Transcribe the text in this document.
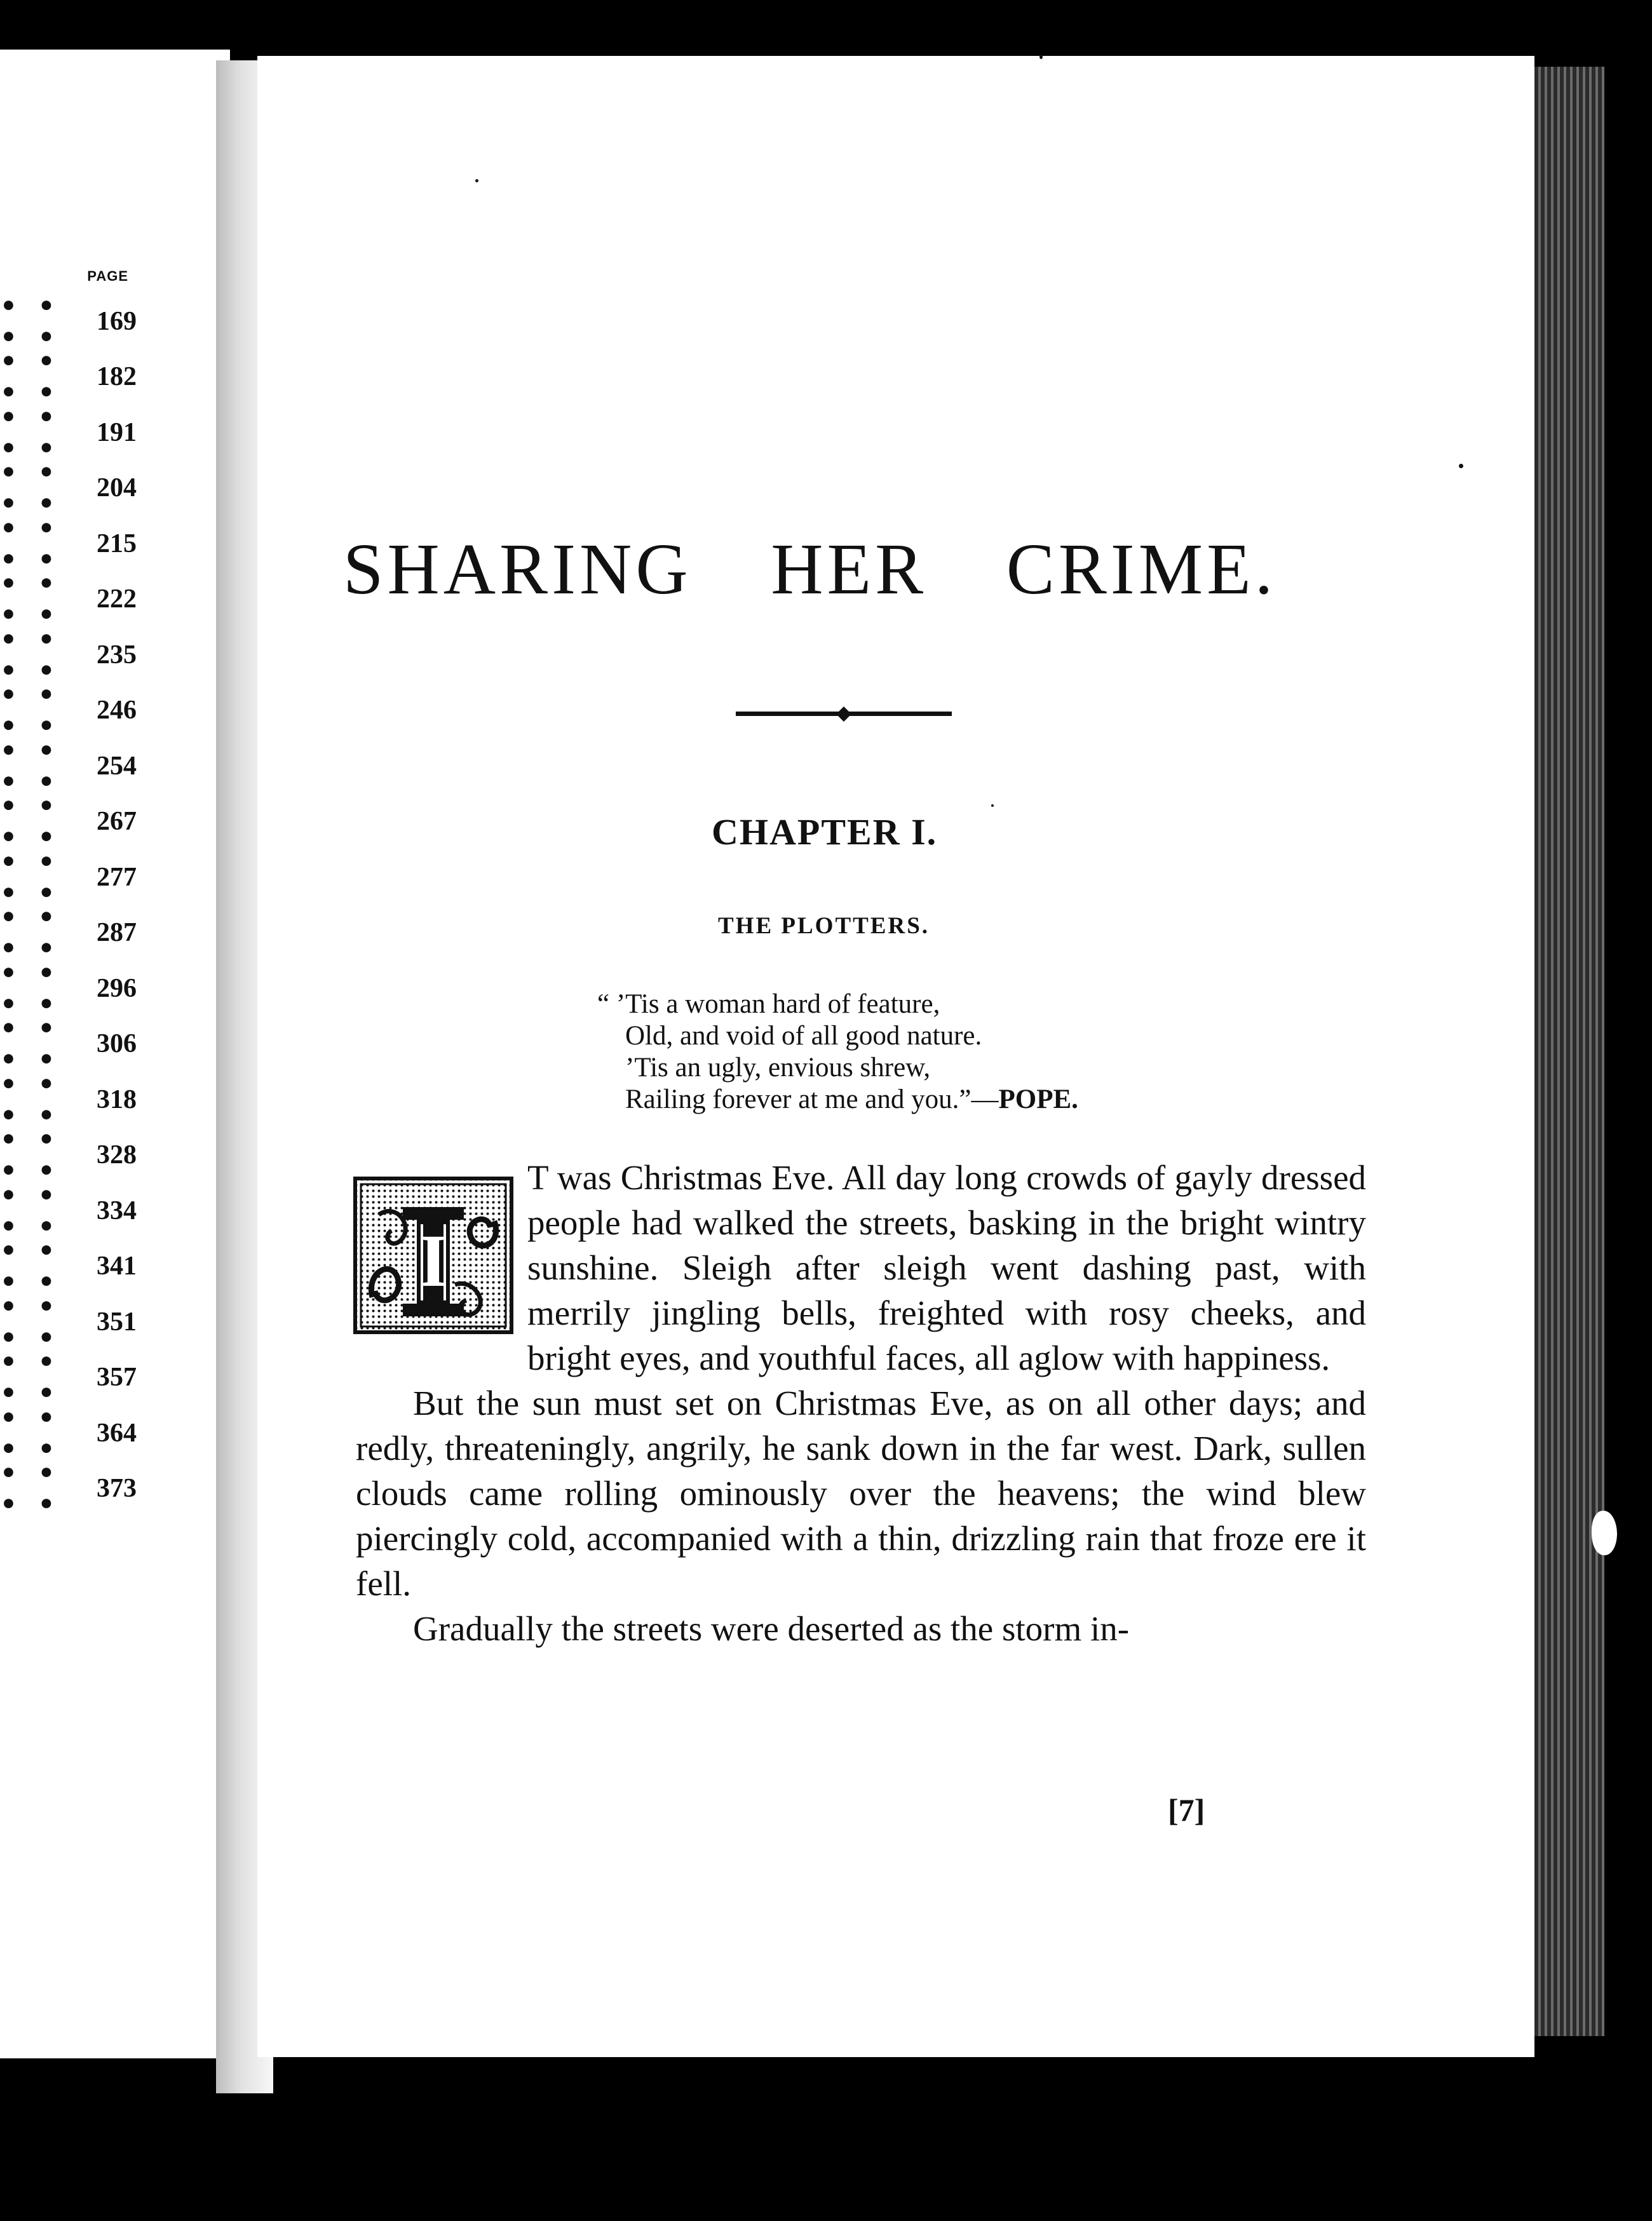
PAGE
• • • •	169
• • • •	182
• • • •	191
• • • •	204
• • • •	215
• • • •	222
• • • •	235
• • • •	246
• • • •	254
• • • •	267
• • • •	277
• • • •	287
• • • •	296
• • • •	306
• • • •	318
• • • •	328
• • • •	334
• • • •	341
• • • •	351
• • • •	357
• • • •	364
• • • •	373
SHARING HER CRIME.
CHAPTER I.
THE PLOTTERS.
“ ’Tis a woman hard of feature,
Old, and void of all good nature.
’Tis an ugly, envious shrew,
Railing forever at me and you.”—POPE.

T was Christmas Eve. All day long crowds of gayly dressed people had walked the streets, basking in the bright wintry sunshine. Sleigh after sleigh went dashing past, with merrily jingling bells, freighted with rosy cheeks, and bright eyes, and youthful faces, all aglow with happiness.

But the sun must set on Christmas Eve, as on all other days; and redly, threateningly, angrily, he sank down in the far west. Dark, sullen clouds came rolling ominously over the heavens; the wind blew piercingly cold, accompanied with a thin, drizzling rain that froze ere it fell.

Gradually the streets were deserted as the storm in-

I
[7]
